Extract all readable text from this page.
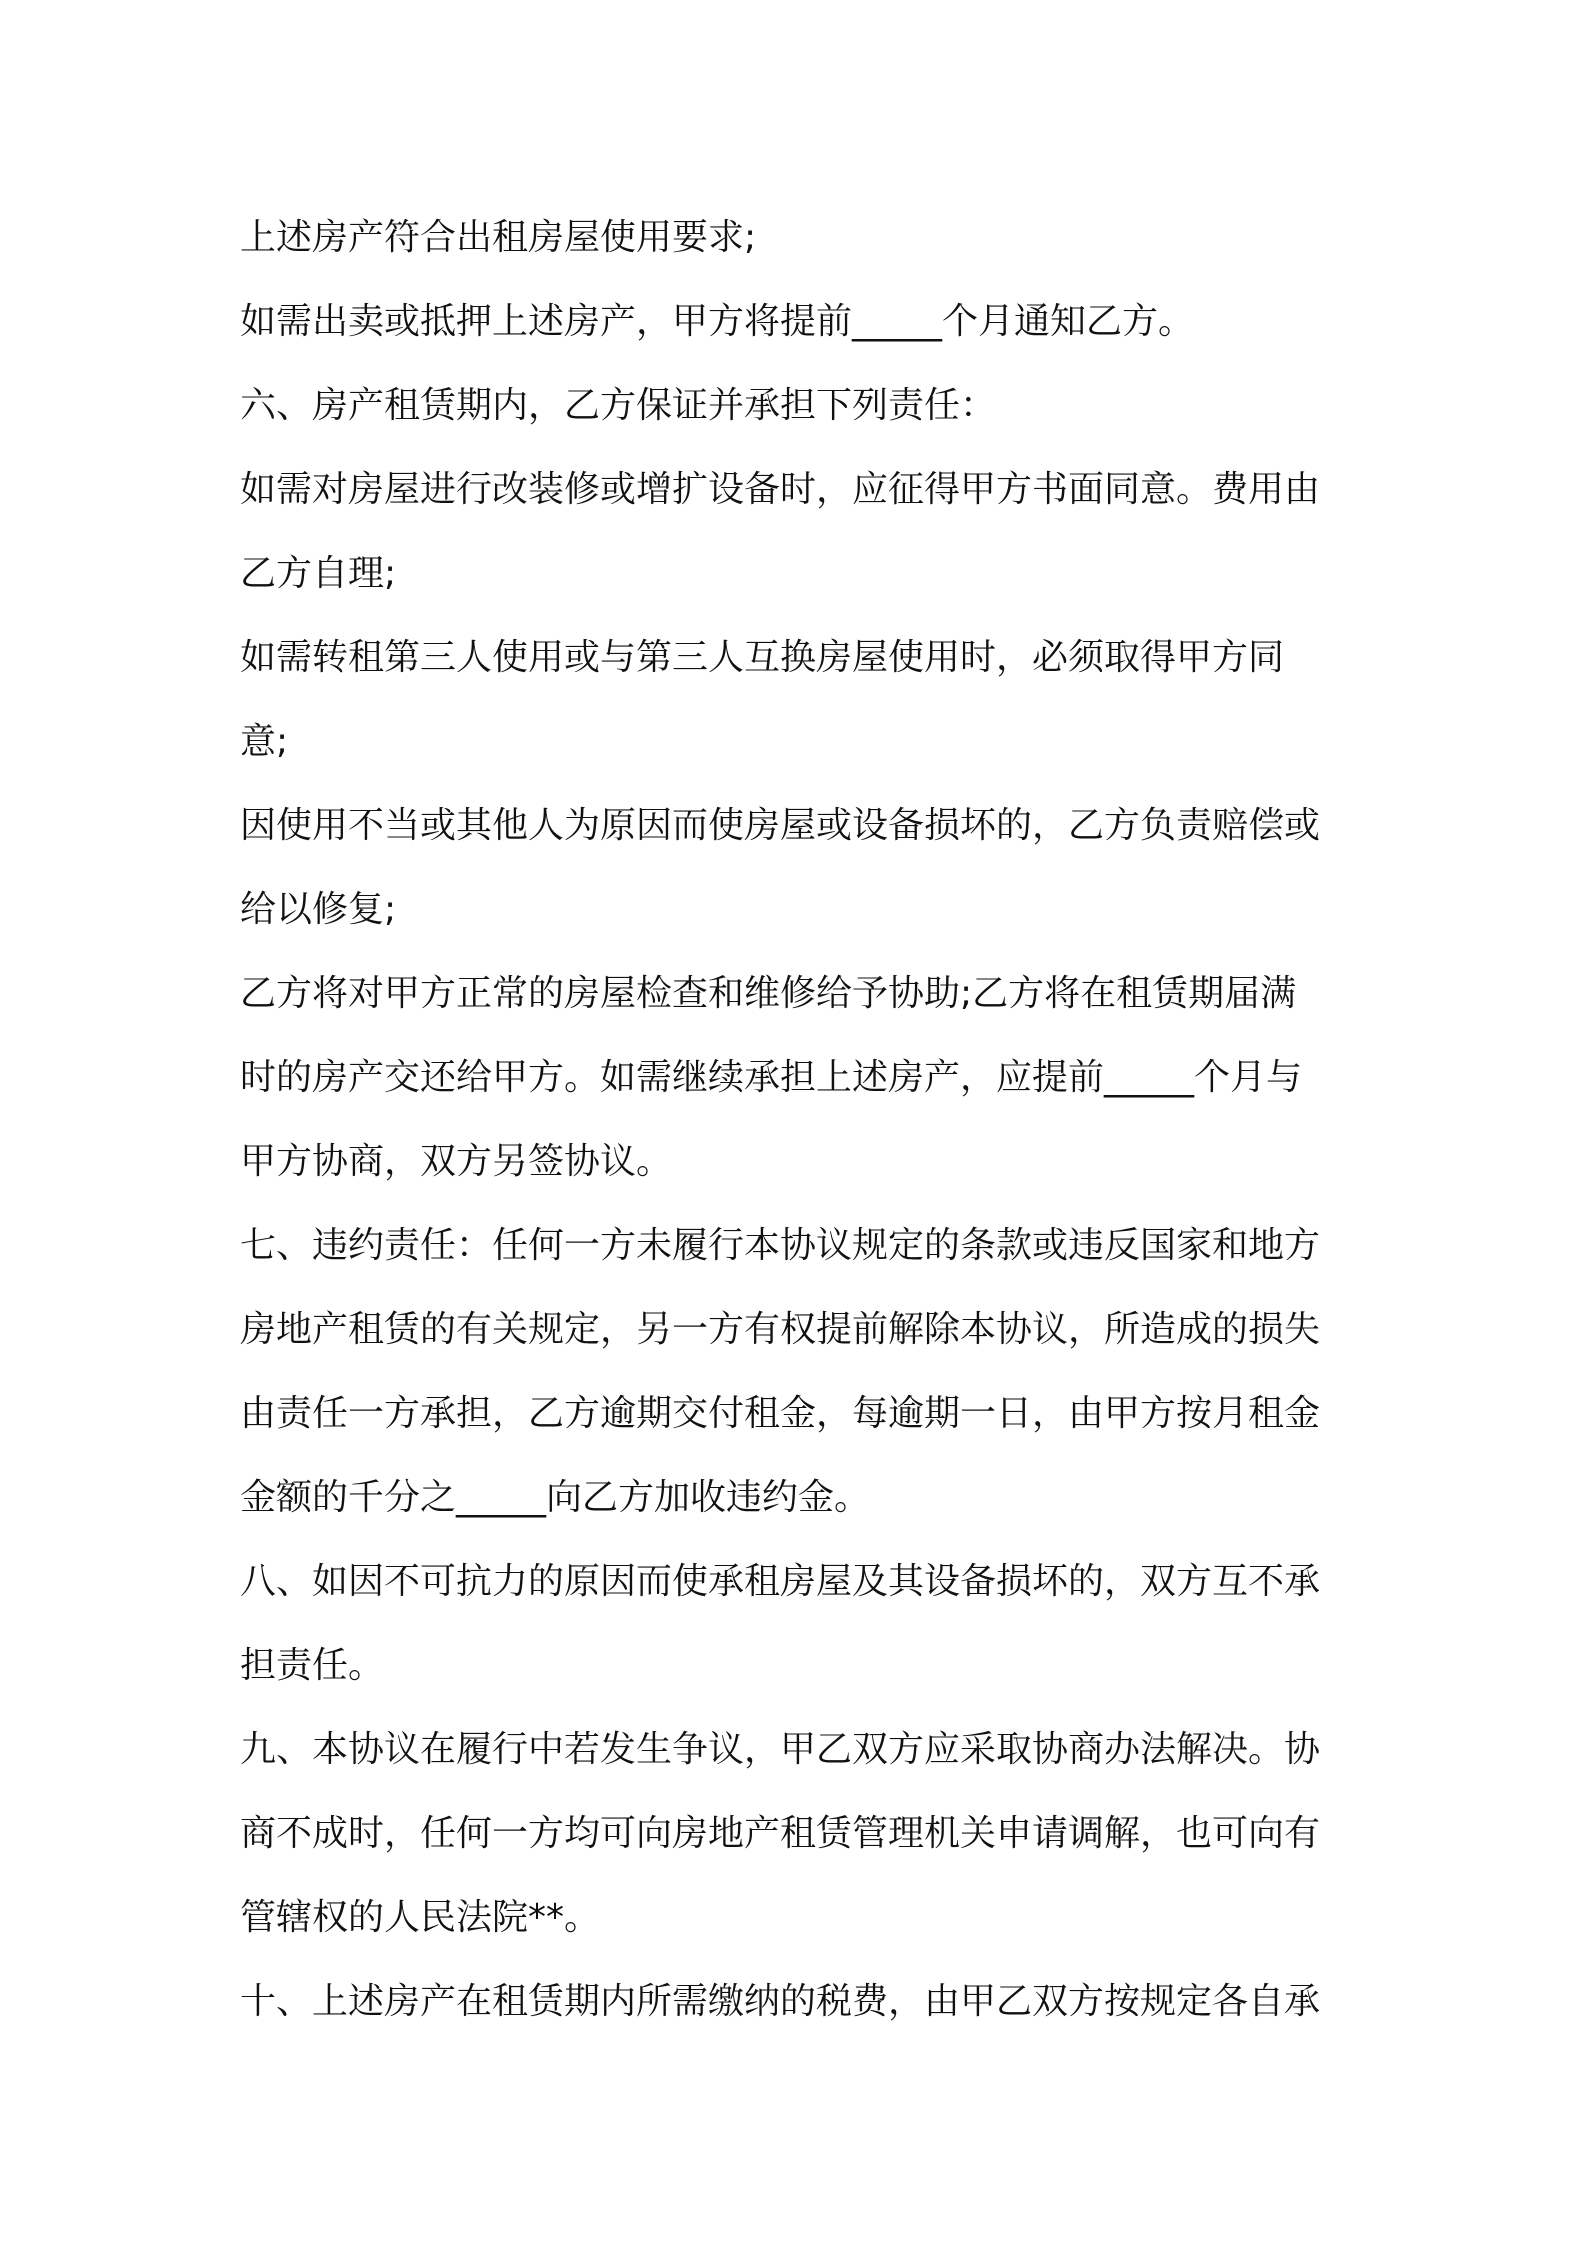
上述房产符合出租房屋使用要求;
如需出卖或抵押上述房产，甲方将提前_____个月通知乙方。
六、房产租赁期内，乙方保证并承担下列责任：
如需对房屋进行改装修或增扩设备时，应征得甲方书面同意。费用由
乙方自理;
如需转租第三人使用或与第三人互换房屋使用时，必须取得甲方同
意;
因使用不当或其他人为原因而使房屋或设备损坏的，乙方负责赔偿或
给以修复;
乙方将对甲方正常的房屋检查和维修给予协助;乙方将在租赁期届满
时的房产交还给甲方。如需继续承担上述房产，应提前_____个月与
甲方协商，双方另签协议。
七、违约责任：任何一方未履行本协议规定的条款或违反国家和地方
房地产租赁的有关规定，另一方有权提前解除本协议，所造成的损失
由责任一方承担，乙方逾期交付租金，每逾期一日，由甲方按月租金
金额的千分之_____向乙方加收违约金。
八、如因不可抗力的原因而使承租房屋及其设备损坏的，双方互不承
担责任。
九、本协议在履行中若发生争议，甲乙双方应采取协商办法解决。协
商不成时，任何一方均可向房地产租赁管理机关申请调解，也可向有
管辖权的人民法院**。
十、上述房产在租赁期内所需缴纳的税费，由甲乙双方按规定各自承
